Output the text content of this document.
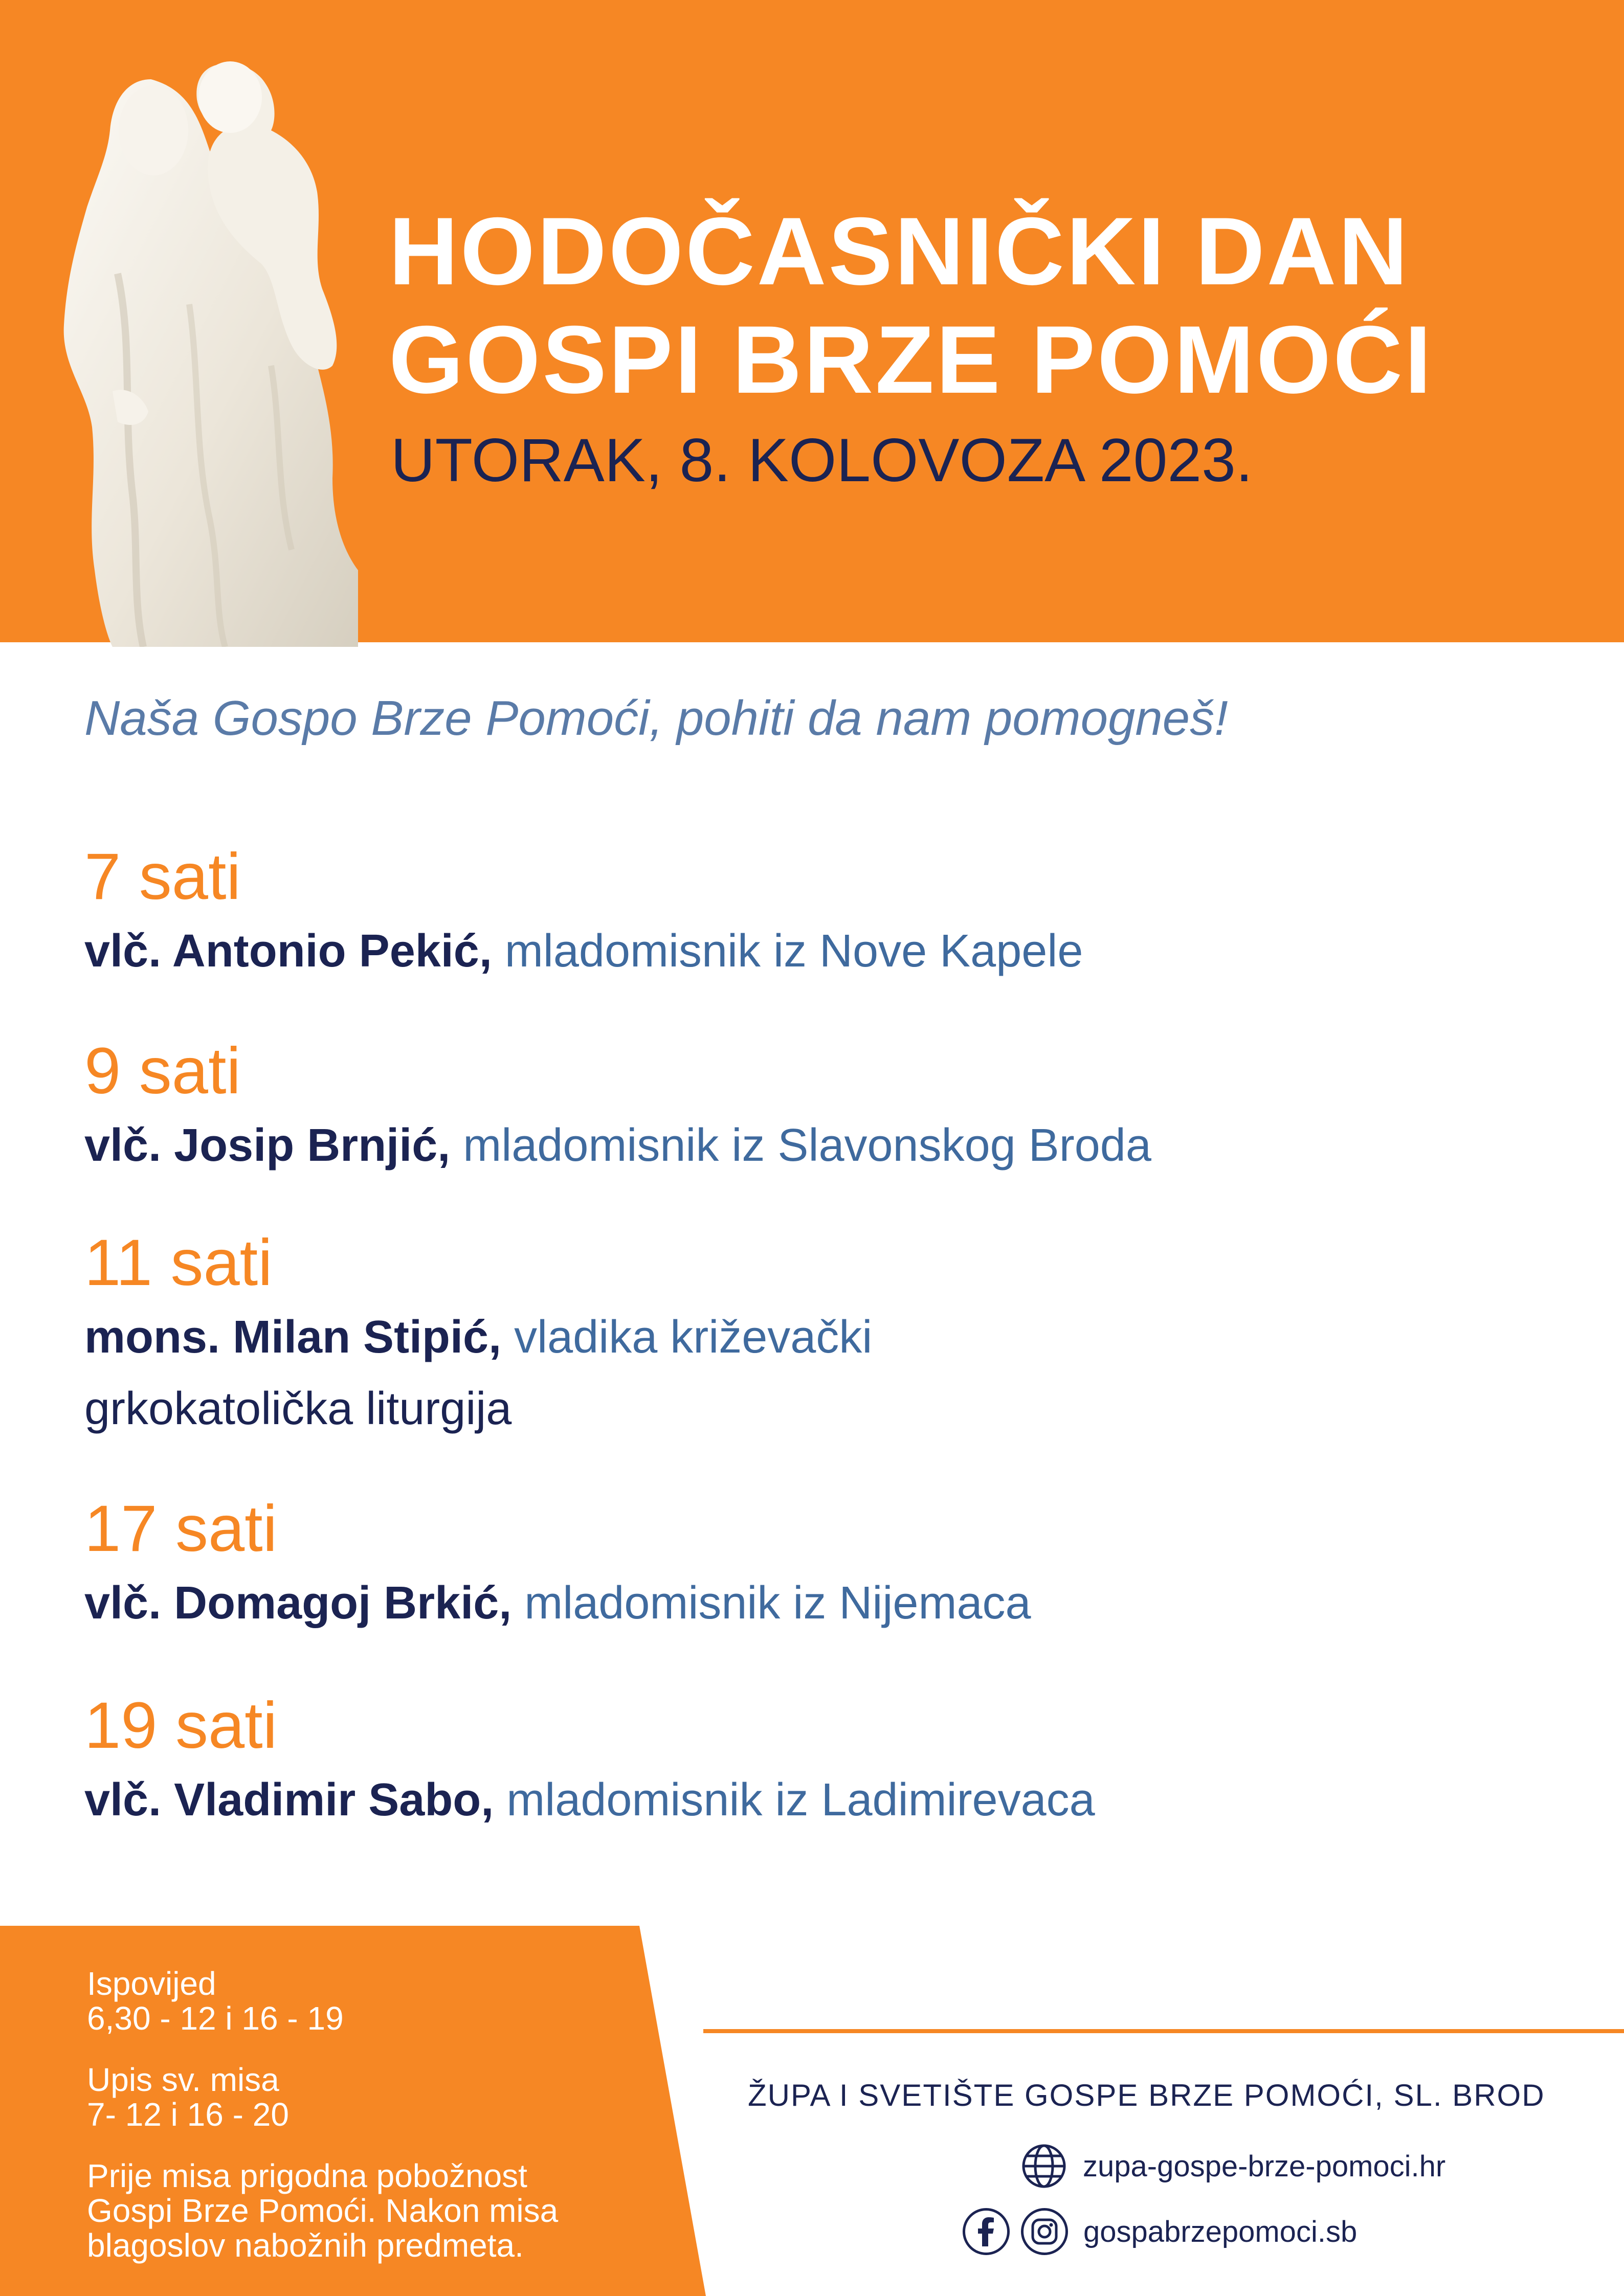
HODOČASNIČKI DAN
GOSPI BRZE POMOĆI

UTORAK, 8. KOLOVOZA 2023.

Naša Gospo Brze Pomoći, pohiti da nam pomogneš!

7 sati

vlč. Antonio Pekić, mladomisnik iz Nove Kapele

9 sati

vlč. Josip Brnjić, mladomisnik iz Slavonskog Broda

11 sati

mons. Milan Stipić, vladika križevački

grkokatolička liturgija

17 sati

vlč. Domagoj Brkić, mladomisnik iz Nijemaca

19 sati

vlč. Vladimir Sabo, mladomisnik iz Ladimirevaca

Ispovijed
6,30 - 12 i 16 - 19
Upis sv. misa
7- 12 i 16 - 20
Prije misa prigodna pobožnost
Gospi Brze Pomoći. Nakon misa
blagoslov nabožnih predmeta.

ŽUPA I SVETIŠTE GOSPE BRZE POMOĆI, SL. BROD

zupa-gospe-brze-pomoci.hr
gospabrzepomoci.sb
